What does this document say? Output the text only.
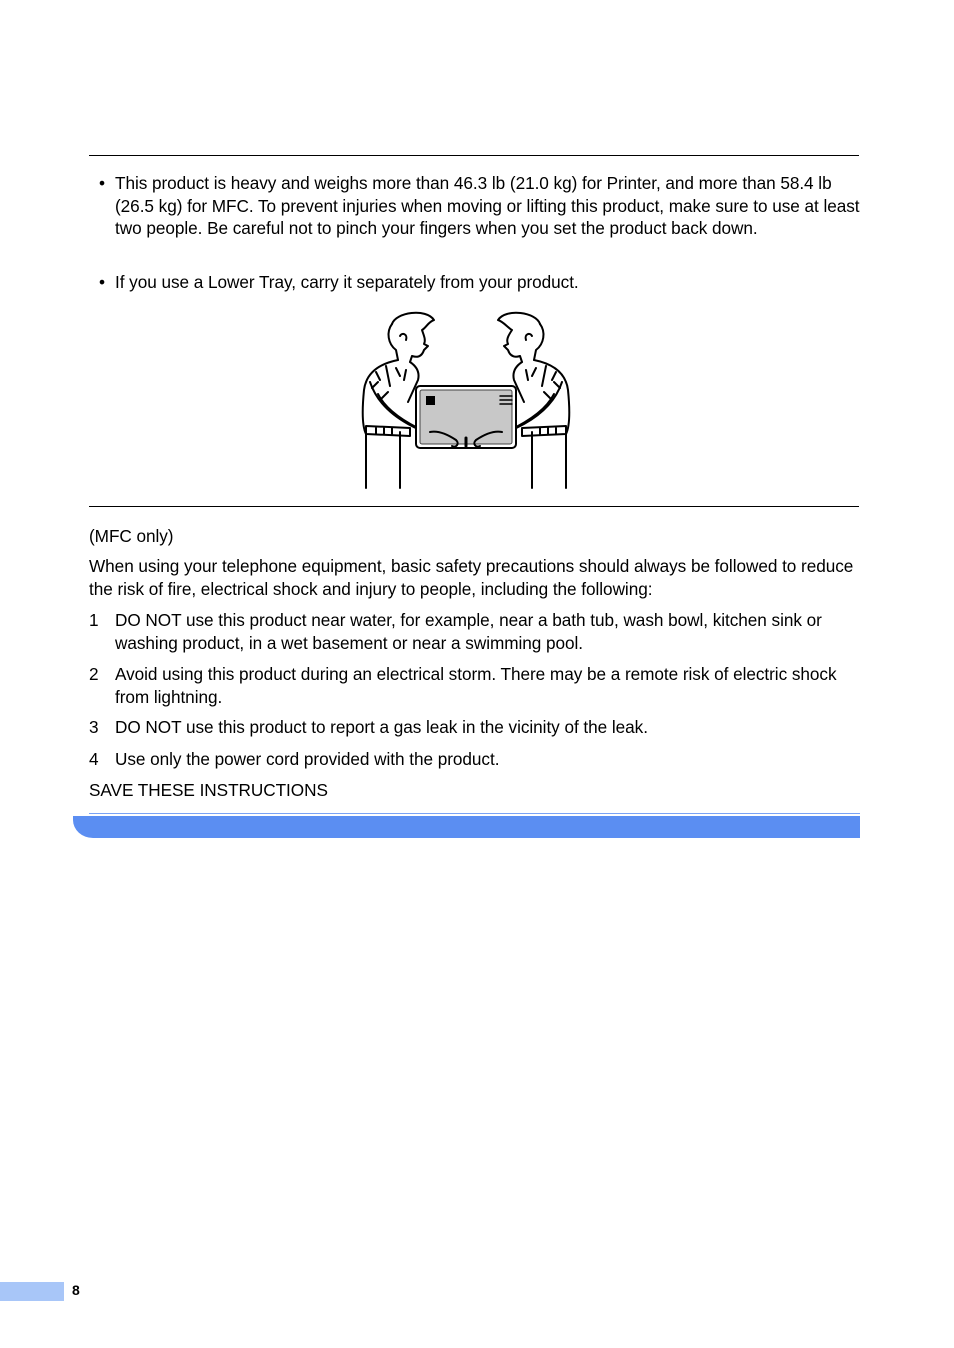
• This product is heavy and weighs more than 46.3 lb (21.0 kg) for Printer, and more than 58.4 lb (26.5 kg) for MFC. To prevent injuries when moving or lifting this product, make sure to use at least two people. Be careful not to pinch your fingers when you set the product back down.
• If you use a Lower Tray, carry it separately from your product.
(MFC only)
When using your telephone equipment, basic safety precautions should always be followed to reduce the risk of fire, electrical shock and injury to people, including the following:
1 DO NOT use this product near water, for example, near a bath tub, wash bowl, kitchen sink or washing product, in a wet basement or near a swimming pool.
2 Avoid using this product during an electrical storm. There may be a remote risk of electric shock from lightning.
3 DO NOT use this product to report a gas leak in the vicinity of the leak.
4 Use only the power cord provided with the product.
SAVE THESE INSTRUCTIONS
8
